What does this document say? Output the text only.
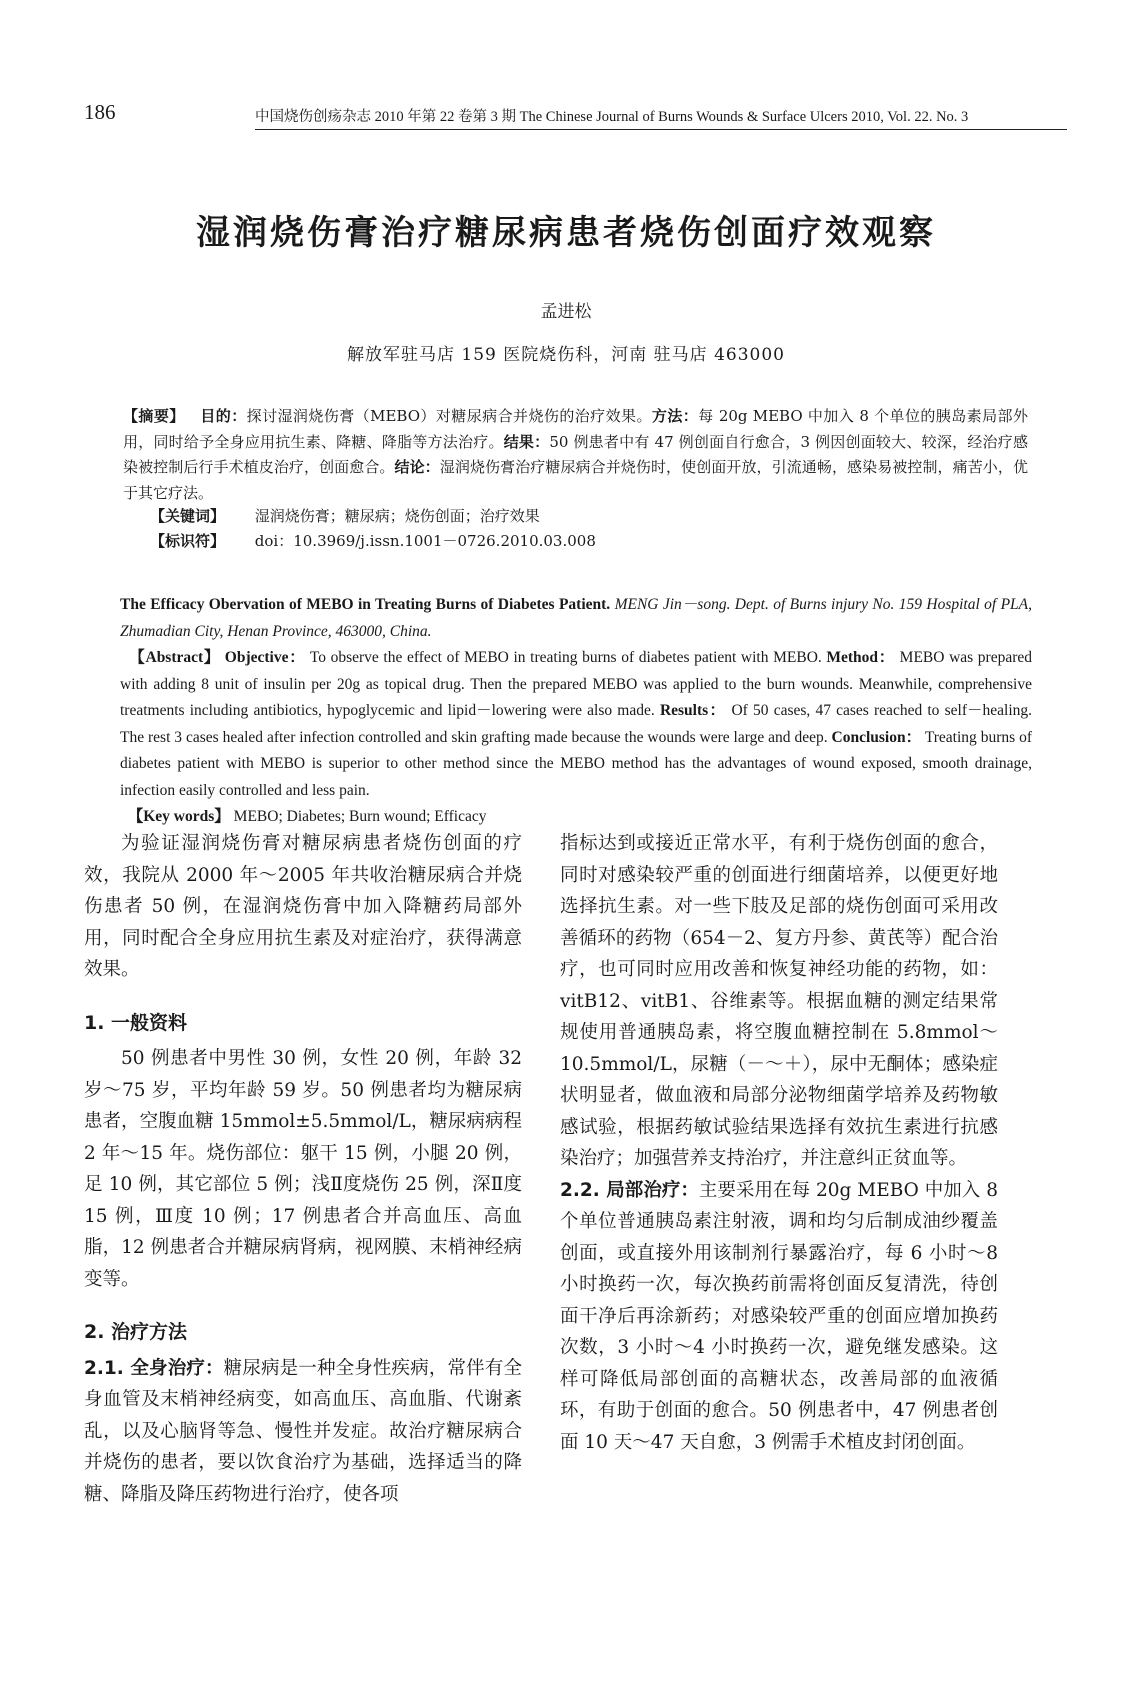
186	中国烧伤创疡杂志 2010 年第 22 卷第 3 期 The Chinese Journal of Burns Wounds & Surface Ulcers 2010, Vol. 22. No. 3
湿润烧伤膏治疗糖尿病患者烧伤创面疗效观察
孟进松
解放军驻马店 159 医院烧伤科，河南 驻马店 463000
【摘要】 目的：探讨湿润烧伤膏（MEBO）对糖尿病合并烧伤的治疗效果。方法：每 20g MEBO 中加入 8 个单位的胰岛素局部外用，同时给予全身应用抗生素、降糖、降脂等方法治疗。结果：50 例患者中有 47 例创面自行愈合，3 例因创面较大、较深，经治疗感染被控制后行手术植皮治疗，创面愈合。结论：湿润烧伤膏治疗糖尿病合并烧伤时，使创面开放，引流通畅，感染易被控制，痛苦小，优于其它疗法。
【关键词】 湿润烧伤膏；糖尿病；烧伤创面；治疗效果
【标识符】 doi：10.3969/j.issn.1001－0726.2010.03.008
The Efficacy Obervation of MEBO in Treating Burns of Diabetes Patient. MENG Jin－song. Dept. of Burns injury No. 159 Hospital of PLA, Zhumadian City, Henan Province, 463000, China.
【Abstract】 Objective： To observe the effect of MEBO in treating burns of diabetes patient with MEBO. Method： MEBO was prepared with adding 8 unit of insulin per 20g as topical drug. Then the prepared MEBO was applied to the burn wounds. Meanwhile, comprehensive treatments including antibiotics, hypoglycemic and lipid－lowering were also made. Results： Of 50 cases, 47 cases reached to self－healing. The rest 3 cases healed after infection controlled and skin grafting made because the wounds were large and deep. Conclusion： Treating burns of diabetes patient with MEBO is superior to other method since the MEBO method has the advantages of wound exposed, smooth drainage, infection easily controlled and less pain.
【Key words】 MEBO; Diabetes; Burn wound; Efficacy

为验证湿润烧伤膏对糖尿病患者烧伤创面的疗效，我院从 2000 年～2005 年共收治糖尿病合并烧伤患者 50 例，在湿润烧伤膏中加入降糖药局部外用，同时配合全身应用抗生素及对症治疗，获得满意效果。

1. 一般资料

50 例患者中男性 30 例，女性 20 例，年龄 32 岁～75 岁，平均年龄 59 岁。50 例患者均为糖尿病患者，空腹血糖 15mmol±5.5mmol/L，糖尿病病程 2 年～15 年。烧伤部位：躯干 15 例，小腿 20 例，足 10 例，其它部位 5 例；浅Ⅱ度烧伤 25 例，深Ⅱ度 15 例，Ⅲ度 10 例；17 例患者合并高血压、高血脂，12 例患者合并糖尿病肾病，视网膜、末梢神经病变等。

2. 治疗方法

2.1. 全身治疗：糖尿病是一种全身性疾病，常伴有全身血管及末梢神经病变，如高血压、高血脂、代谢紊乱，以及心脑肾等急、慢性并发症。故治疗糖尿病合并烧伤的患者，要以饮食治疗为基础，选择适当的降糖、降脂及降压药物进行治疗，使各项

指标达到或接近正常水平，有利于烧伤创面的愈合，同时对感染较严重的创面进行细菌培养，以便更好地选择抗生素。对一些下肢及足部的烧伤创面可采用改善循环的药物（654－2、复方丹参、黄芪等）配合治疗，也可同时应用改善和恢复神经功能的药物，如：vitB12、vitB1、谷维素等。根据血糖的测定结果常规使用普通胰岛素，将空腹血糖控制在 5.8mmol～10.5mmol/L，尿糖（－～＋），尿中无酮体；感染症状明显者，做血液和局部分泌物细菌学培养及药物敏感试验，根据药敏试验结果选择有效抗生素进行抗感染治疗；加强营养支持治疗，并注意纠正贫血等。

2.2. 局部治疗：主要采用在每 20g MEBO 中加入 8 个单位普通胰岛素注射液，调和均匀后制成油纱覆盖创面，或直接外用该制剂行暴露治疗，每 6 小时～8 小时换药一次，每次换药前需将创面反复清洗，待创面干净后再涂新药；对感染较严重的创面应增加换药次数，3 小时～4 小时换药一次，避免继发感染。这样可降低局部创面的高糖状态，改善局部的血液循环，有助于创面的愈合。50 例患者中，47 例患者创面 10 天～47 天自愈，3 例需手术植皮封闭创面。
